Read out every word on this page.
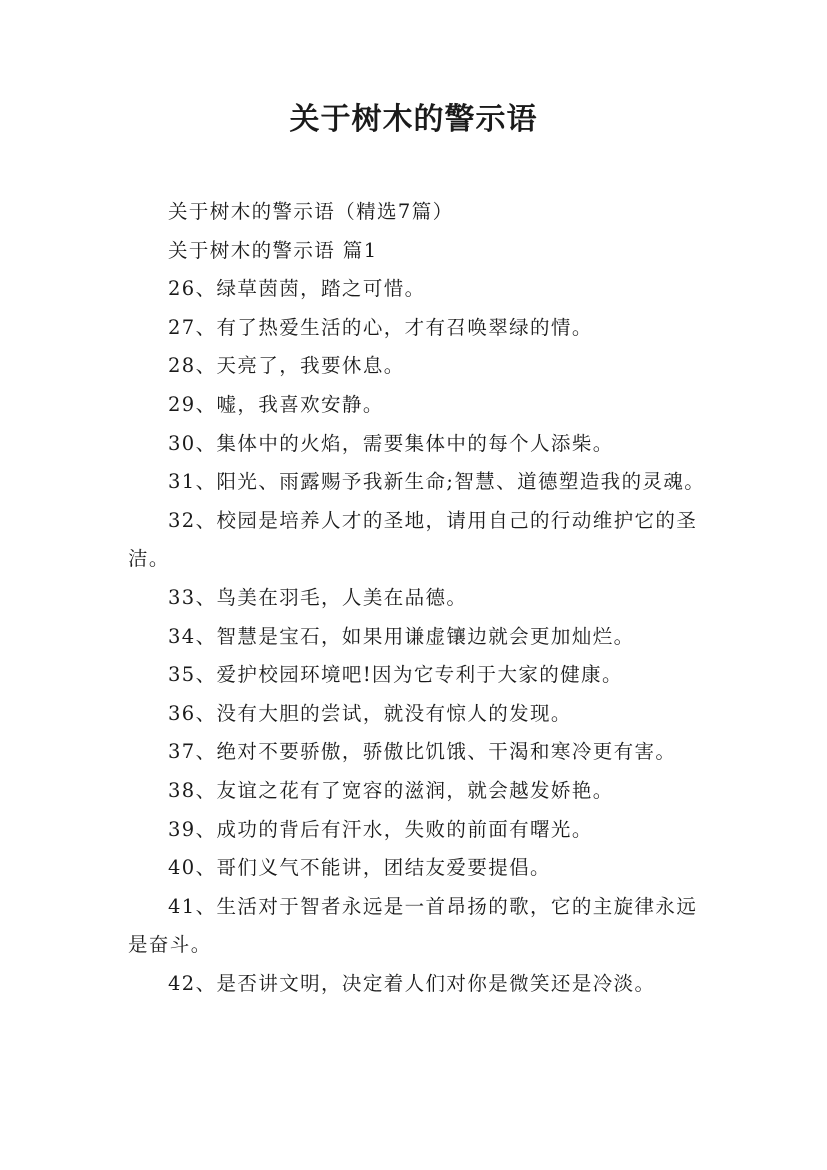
关于树木的警示语

关于树木的警示语（精选7篇）

关于树木的警示语 篇1

26、绿草茵茵，踏之可惜。

27、有了热爱生活的心，才有召唤翠绿的情。

28、天亮了，我要休息。

29、嘘，我喜欢安静。

30、集体中的火焰，需要集体中的每个人添柴。

31、阳光、雨露赐予我新生命;智慧、道德塑造我的灵魂。

32、校园是培养人才的圣地，请用自己的行动维护它的圣洁。

33、鸟美在羽毛，人美在品德。

34、智慧是宝石，如果用谦虚镶边就会更加灿烂。

35、爱护校园环境吧!因为它专利于大家的健康。

36、没有大胆的尝试，就没有惊人的发现。

37、绝对不要骄傲，骄傲比饥饿、干渴和寒冷更有害。

38、友谊之花有了宽容的滋润，就会越发娇艳。

39、成功的背后有汗水，失败的前面有曙光。

40、哥们义气不能讲，团结友爱要提倡。

41、生活对于智者永远是一首昂扬的歌，它的主旋律永远是奋斗。

42、是否讲文明，决定着人们对你是微笑还是冷淡。
